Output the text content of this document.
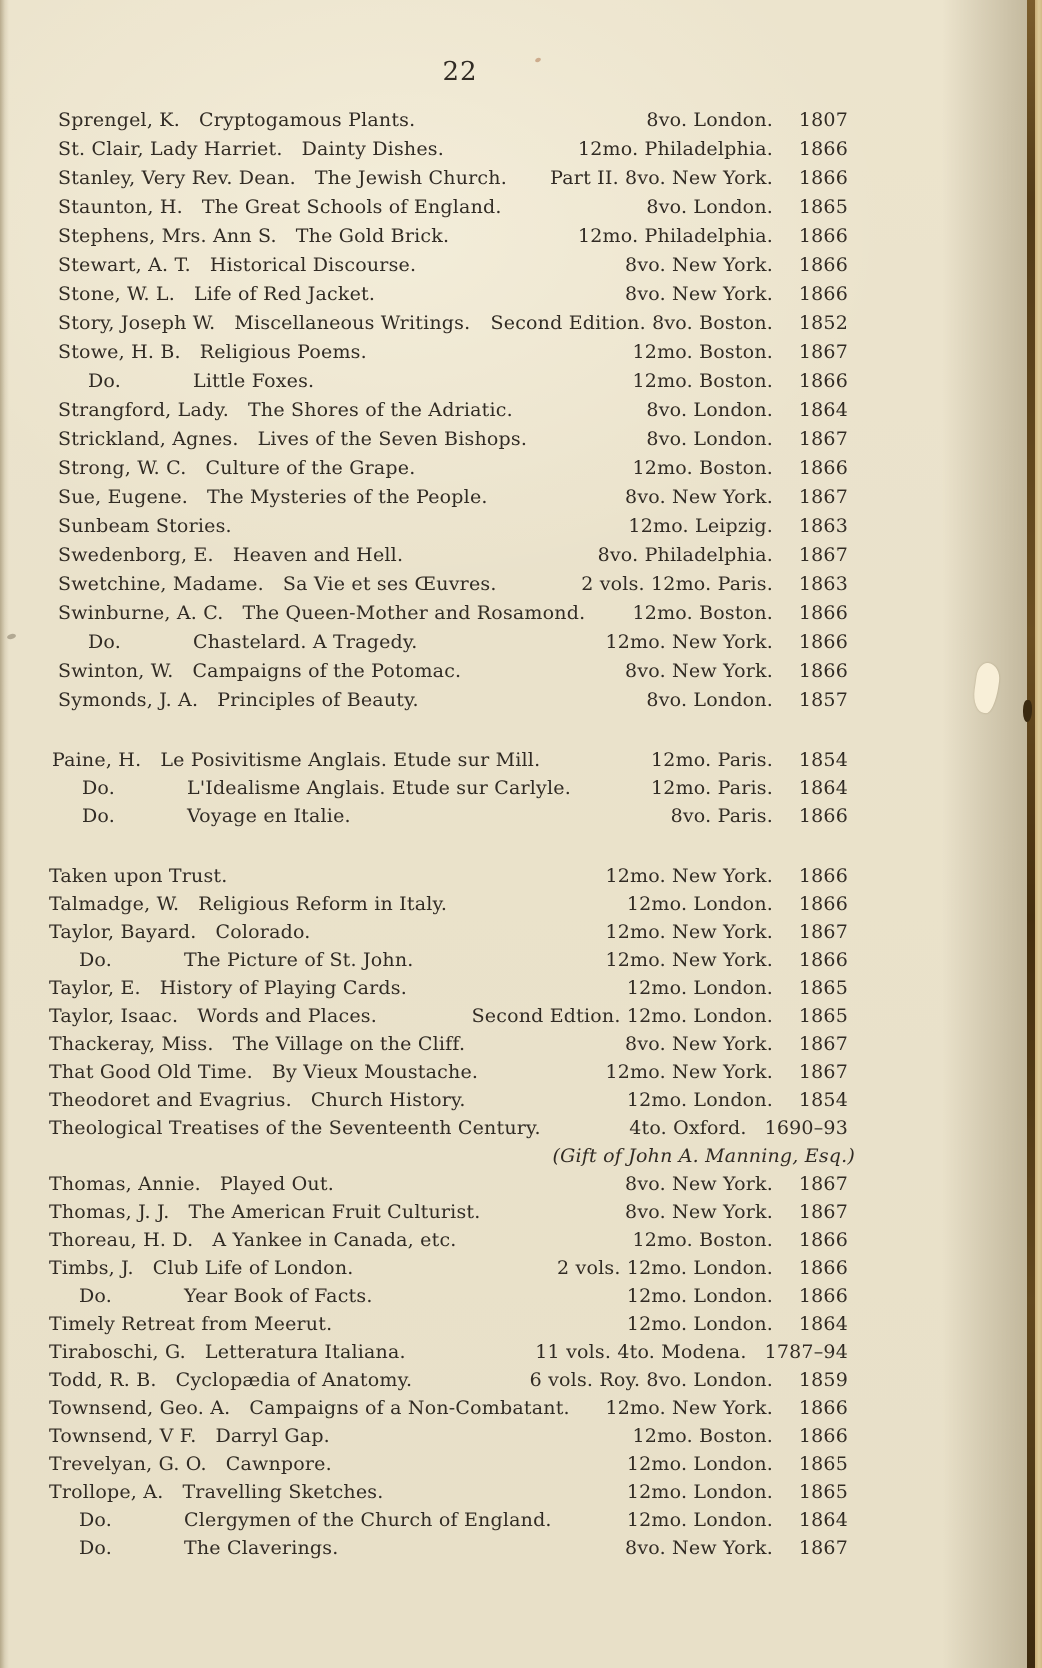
22
Sprengel, K. Cryptogamous Plants.	8vo. London.	1807
St. Clair, Lady Harriet. Dainty Dishes.	12mo. Philadelphia.	1866
Stanley, Very Rev. Dean. The Jewish Church. Part II. 8vo. New York.	1866
Staunton, H. The Great Schools of England.	8vo. London.	1865
Stephens, Mrs. Ann S. The Gold Brick.	12mo. Philadelphia.	1866
Stewart, A. T. Historical Discourse.	8vo. New York.	1866
Stone, W. L. Life of Red Jacket.	8vo. New York.	1866
Story, Joseph W. Miscellaneous Writings. Second Edition. 8vo. Boston.	1852
Stowe, H. B. Religious Poems.	12mo. Boston.	1867
Do.	Little Foxes.	12mo. Boston.	1866
Strangford, Lady. The Shores of the Adriatic.	8vo. London.	1864
Strickland, Agnes. Lives of the Seven Bishops.	8vo. London.	1867
Strong, W. C. Culture of the Grape.	12mo. Boston.	1866
Sue, Eugene. The Mysteries of the People.	8vo. New York.	1867
Sunbeam Stories.	12mo. Leipzig.	1863
Swedenborg, E. Heaven and Hell.	8vo. Philadelphia.	1867
Swetchine, Madame. Sa Vie et ses Œuvres.	2 vols. 12mo. Paris.	1863
Swinburne, A. C. The Queen-Mother and Rosamond. 12mo. Boston.	1866
Do.	Chastelard. A Tragedy.	12mo. New York.	1866
Swinton, W. Campaigns of the Potomac.	8vo. New York.	1866
Symonds, J. A. Principles of Beauty.	8vo. London.	1857
Paine, H. Le Posivitisme Anglais. Etude sur Mill.	12mo. Paris.	1854
Do.	L'Idealisme Anglais. Etude sur Carlyle.	12mo. Paris.	1864
Do.	Voyage en Italie.	8vo. Paris.	1866
Taken upon Trust.	12mo. New York.	1866
Talmadge, W. Religious Reform in Italy.	12mo. London.	1866
Taylor, Bayard. Colorado.	12mo. New York.	1867
Do.	The Picture of St. John.	12mo. New York.	1866
Taylor, E. History of Playing Cards.	12mo. London.	1865
Taylor, Isaac. Words and Places.	Second Edtion. 12mo. London.	1865
Thackeray, Miss. The Village on the Cliff.	8vo. New York.	1867
That Good Old Time. By Vieux Moustache.	12mo. New York.	1867
Theodoret and Evagrius. Church History.	12mo. London.	1854
Theological Treatises of the Seventeenth Century.	4to. Oxford. 1690–93
(Gift of John A. Manning, Esq.)
Thomas, Annie. Played Out.	8vo. New York.	1867
Thomas, J. J. The American Fruit Culturist.	8vo. New York.	1867
Thoreau, H. D. A Yankee in Canada, etc.	12mo. Boston.	1866
Timbs, J. Club Life of London.	2 vols. 12mo. London.	1866
Do.	Year Book of Facts.	12mo. London.	1866
Timely Retreat from Meerut.	12mo. London.	1864
Tiraboschi, G. Letteratura Italiana.	11 vols. 4to. Modena. 1787–94
Todd, R. B. Cyclopædia of Anatomy.	6 vols. Roy. 8vo. London.	1859
Townsend, Geo. A. Campaigns of a Non-Combatant. 12mo. New York.	1866
Townsend, V F. Darryl Gap.	12mo. Boston.	1866
Trevelyan, G. O. Cawnpore.	12mo. London.	1865
Trollope, A. Travelling Sketches.	12mo. London.	1865
Do.	Clergymen of the Church of England.	12mo. London.	1864
Do.	The Claverings.	8vo. New York.	1867
